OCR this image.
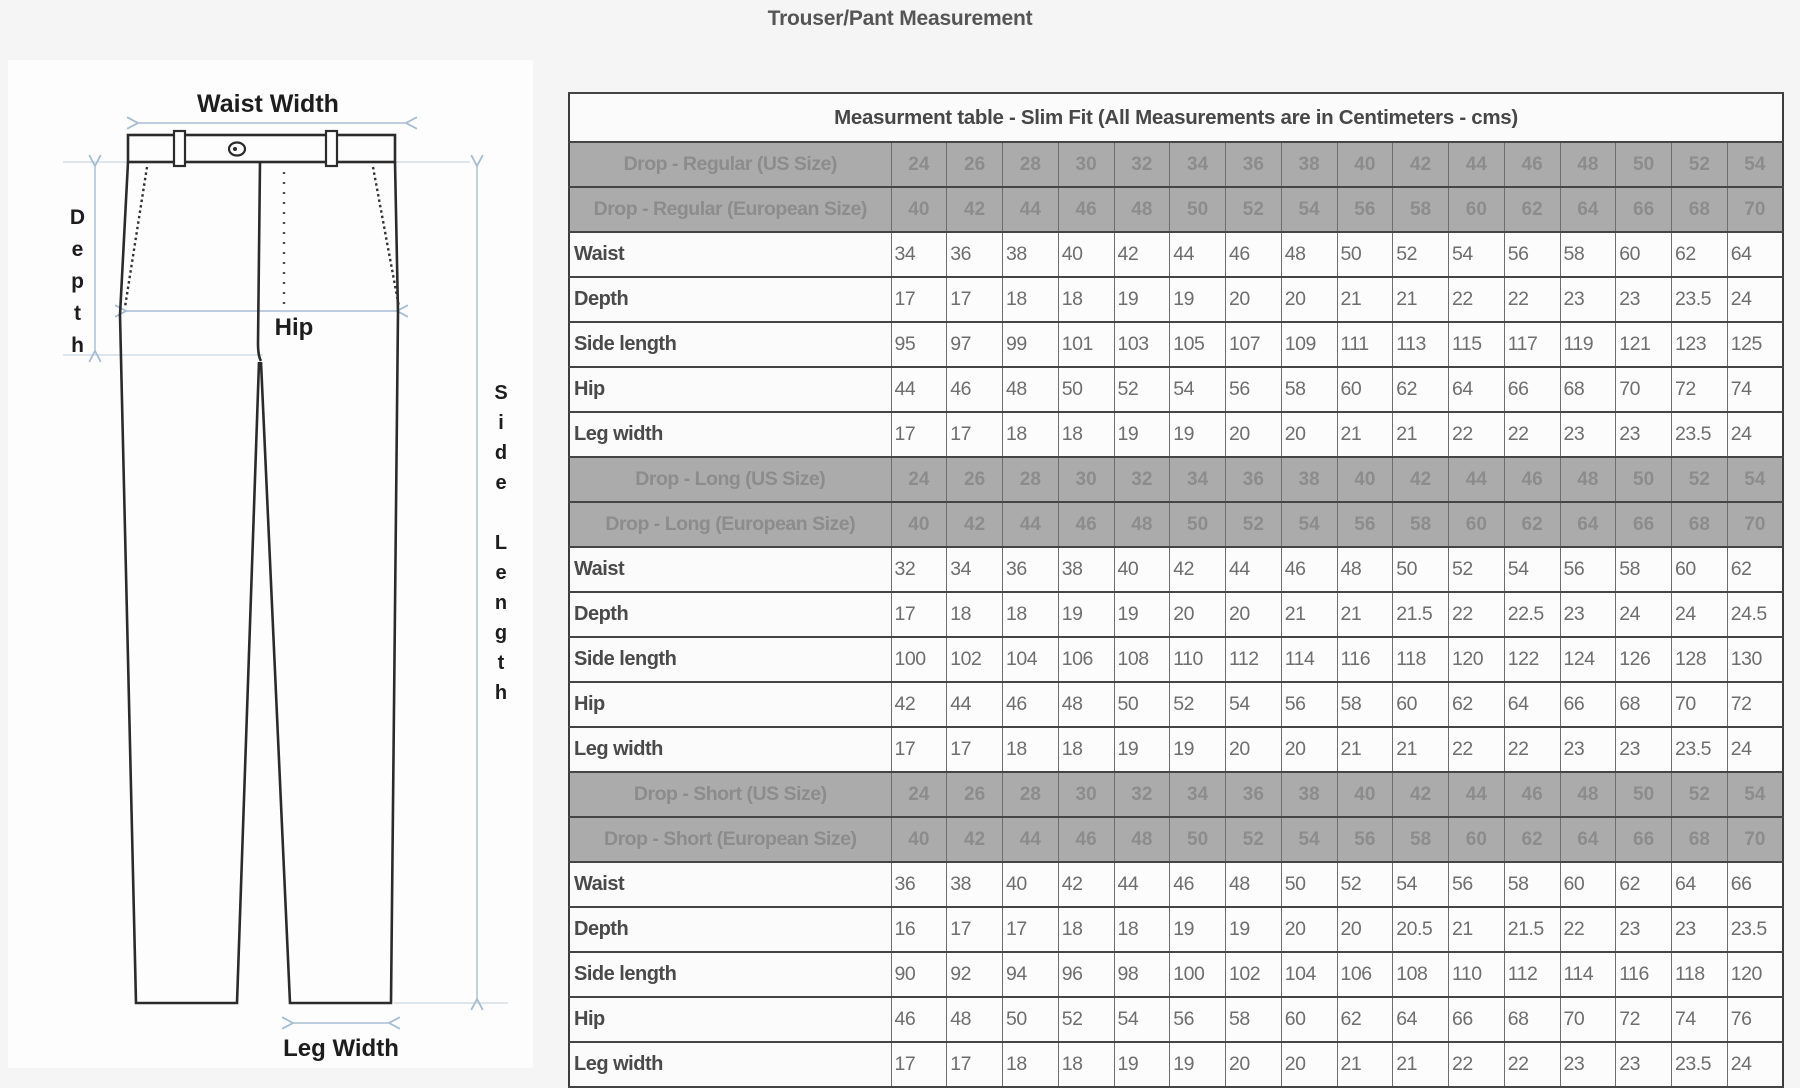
Trouser/Pant Measurement
Waist Width
Hip
Leg Width
Depth
Side Length
Measurment table - Slim Fit (All Measurements are in Centimeters - cms)																
Drop - Regular (US Size)	24	26	28	30	32	34	36	38	40	42	44	46	48	50	52	54
Drop - Regular (European Size)	40	42	44	46	48	50	52	54	56	58	60	62	64	66	68	70
Waist	34	36	38	40	42	44	46	48	50	52	54	56	58	60	62	64
Depth	17	17	18	18	19	19	20	20	21	21	22	22	23	23	23.5	24
Side length	95	97	99	101	103	105	107	109	111	113	115	117	119	121	123	125
Hip	44	46	48	50	52	54	56	58	60	62	64	66	68	70	72	74
Leg width	17	17	18	18	19	19	20	20	21	21	22	22	23	23	23.5	24
Drop - Long (US Size)	24	26	28	30	32	34	36	38	40	42	44	46	48	50	52	54
Drop - Long (European Size)	40	42	44	46	48	50	52	54	56	58	60	62	64	66	68	70
Waist	32	34	36	38	40	42	44	46	48	50	52	54	56	58	60	62
Depth	17	18	18	19	19	20	20	21	21	21.5	22	22.5	23	24	24	24.5
Side length	100	102	104	106	108	110	112	114	116	118	120	122	124	126	128	130
Hip	42	44	46	48	50	52	54	56	58	60	62	64	66	68	70	72
Leg width	17	17	18	18	19	19	20	20	21	21	22	22	23	23	23.5	24
Drop - Short (US Size)	24	26	28	30	32	34	36	38	40	42	44	46	48	50	52	54
Drop - Short (European Size)	40	42	44	46	48	50	52	54	56	58	60	62	64	66	68	70
Waist	36	38	40	42	44	46	48	50	52	54	56	58	60	62	64	66
Depth	16	17	17	18	18	19	19	20	20	20.5	21	21.5	22	23	23	23.5
Side length	90	92	94	96	98	100	102	104	106	108	110	112	114	116	118	120
Hip	46	48	50	52	54	56	58	60	62	64	66	68	70	72	74	76
Leg width	17	17	18	18	19	19	20	20	21	21	22	22	23	23	23.5	24
